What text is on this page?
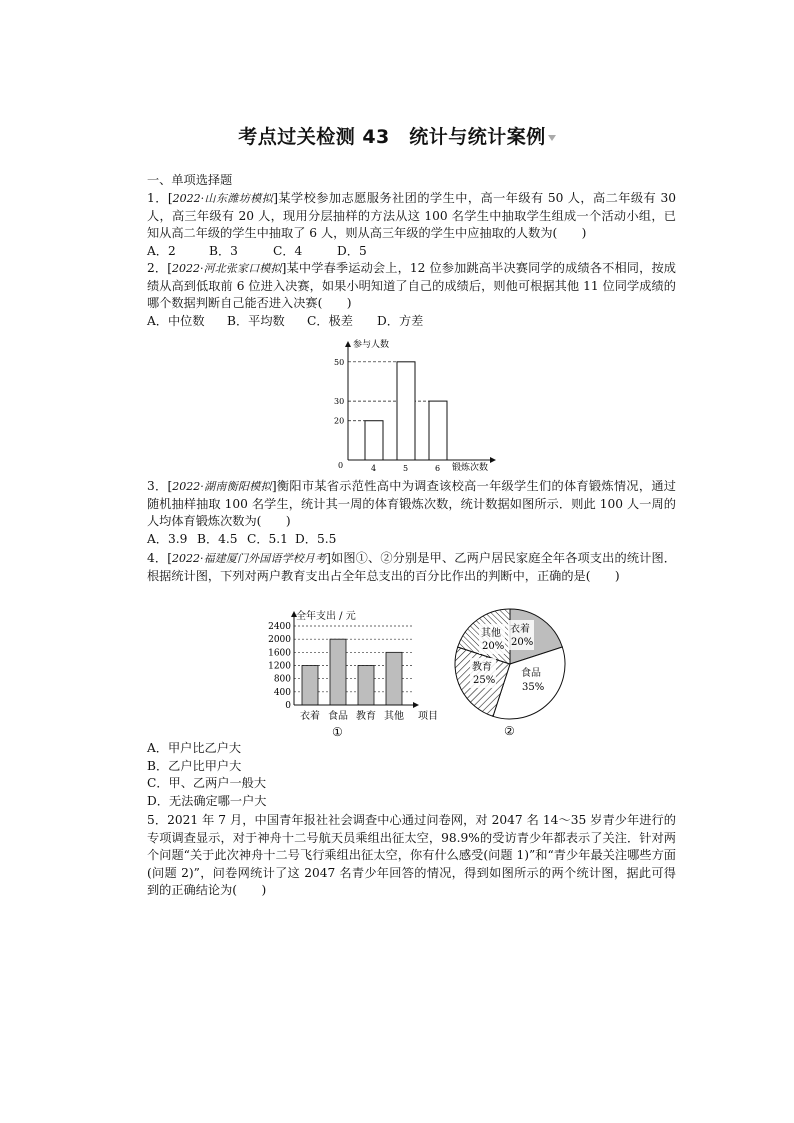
考点过关检测 43　统计与统计案例

一、单项选择题

1．[2022·山东潍坊模拟]某学校参加志愿服务社团的学生中，高一年级有 50 人，高二年级有 30 人，高三年级有 20 人，现用分层抽样的方法从这 100 名学生中抽取学生组成一个活动小组，已知从高二年级的学生中抽取了 6 人，则从高三年级的学生中应抽取的人数为(　　)

A．2	B．3	C．4	D．5

2．[2022·河北张家口模拟]某中学春季运动会上，12 位参加跳高半决赛同学的成绩各不相同，按成绩从高到低取前 6 位进入决赛，如果小明知道了自己的成绩后，则他可根据其他 11 位同学成绩的哪个数据判断自己能否进入决赛(　　)

A．中位数 B．平均数 C．极差 D．方差

参与人数
0	锻炼次数
20
30
50
4	5	6

3．[2022·湖南衡阳模拟]衡阳市某省示范性高中为调查该校高一年级学生们的体育锻炼情况，通过随机抽样抽取 100 名学生，统计其一周的体育锻炼次数，统计数据如图所示．则此 100 人一周的人均体育锻炼次数为(　　)

A．3.9 B．4.5 C．5.1 D．5.5

4．[2022·福建厦门外国语学校月考]如图①、②分别是甲、乙两户居民家庭全年各项支出的统计图．根据统计图，下列对两户教育支出占全年总支出的百分比作出的判断中，正确的是(　　)

全年支出 / 元
项目
①
0
400
800
1200
1600
2000
2400
衣着 食品 教育 其他
衣着
20%
食品
35%
教育
25%
其他
20%
②

A．甲户比乙户大

B．乙户比甲户大

C．甲、乙两户一般大

D．无法确定哪一户大

5．2021 年 7 月，中国青年报社社会调查中心通过问卷网，对 2047 名 14～35 岁青少年进行的专项调查显示，对于神舟十二号航天员乘组出征太空，98.9%的受访青少年都表示了关注．针对两个问题“关于此次神舟十二号飞行乘组出征太空，你有什么感受(问题 1)”和“青少年最关注哪些方面(问题 2)”，问卷网统计了这 2047 名青少年回答的情况，得到如图所示的两个统计图，据此可得到的正确结论为(　　)
